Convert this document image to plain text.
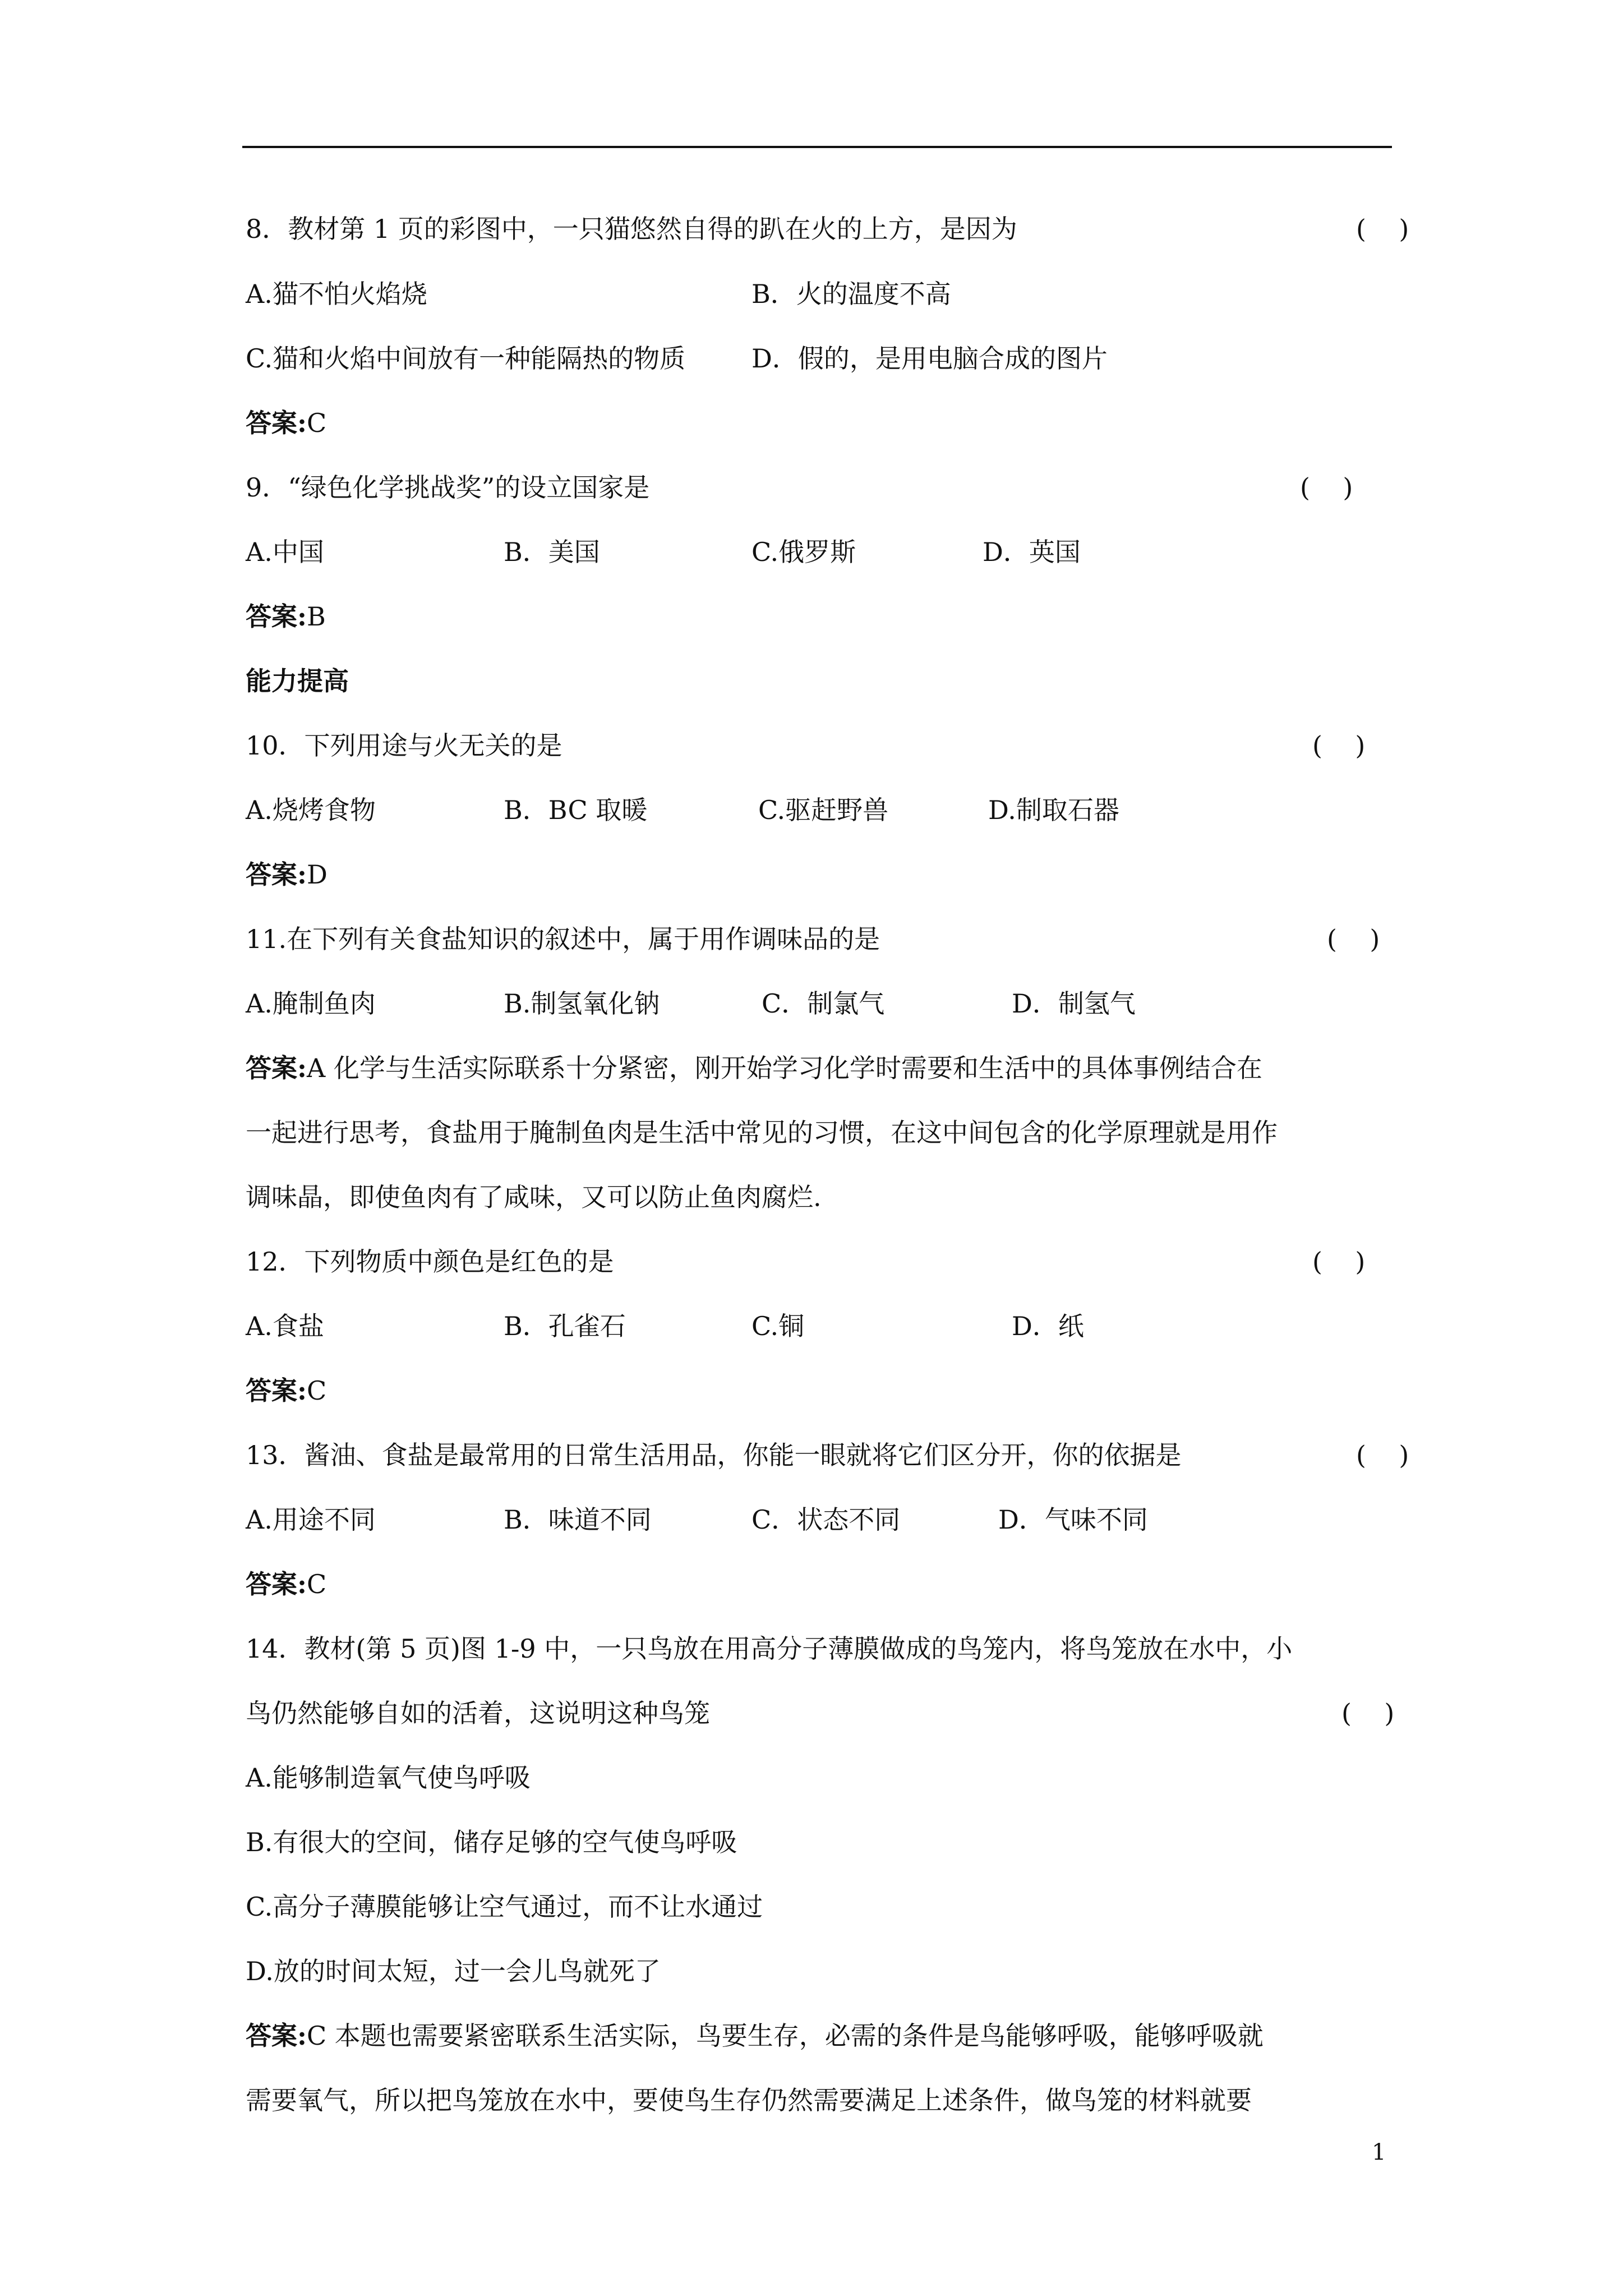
8．教材第 1 页的彩图中，一只猫悠然自得的趴在火的上方，是因为	(    )
A.猫不怕火焰烧	B．火的温度不高
C.猫和火焰中间放有一种能隔热的物质	D．假的，是用电脑合成的图片
答案:C
9．“绿色化学挑战奖”的设立国家是	(    )
A.中国	B．美国	C.俄罗斯	D．英国
答案:B
能力提高
10．下列用途与火无关的是	(    )
A.烧烤食物	B．BC 取暖	C.驱赶野兽	D.制取石器
答案:D
11.在下列有关食盐知识的叙述中，属于用作调味品的是	(    )
A.腌制鱼肉	B.制氢氧化钠	C．制氯气	D．制氢气
答案:A 化学与生活实际联系十分紧密，刚开始学习化学时需要和生活中的具体事例结合在
一起进行思考，食盐用于腌制鱼肉是生活中常见的习惯，在这中间包含的化学原理就是用作
调味晶，即使鱼肉有了咸味，又可以防止鱼肉腐烂.
12．下列物质中颜色是红色的是	(    )
A.食盐	B．孔雀石	C.铜	D．纸
答案:C
13．酱油、食盐是最常用的日常生活用品，你能一眼就将它们区分开，你的依据是	(    )
A.用途不同	B．味道不同	C．状态不同	D．气味不同
答案:C
14．教材(第 5 页)图 1-9 中，一只鸟放在用高分子薄膜做成的鸟笼内，将鸟笼放在水中，小
鸟仍然能够自如的活着，这说明这种鸟笼	(    )
A.能够制造氧气使鸟呼吸
B.有很大的空间，储存足够的空气使鸟呼吸
C.高分子薄膜能够让空气通过，而不让水通过
D.放的时间太短，过一会儿鸟就死了
答案:C 本题也需要紧密联系生活实际，鸟要生存，必需的条件是鸟能够呼吸，能够呼吸就
需要氧气，所以把鸟笼放在水中，要使鸟生存仍然需要满足上述条件，做鸟笼的材料就要
1
